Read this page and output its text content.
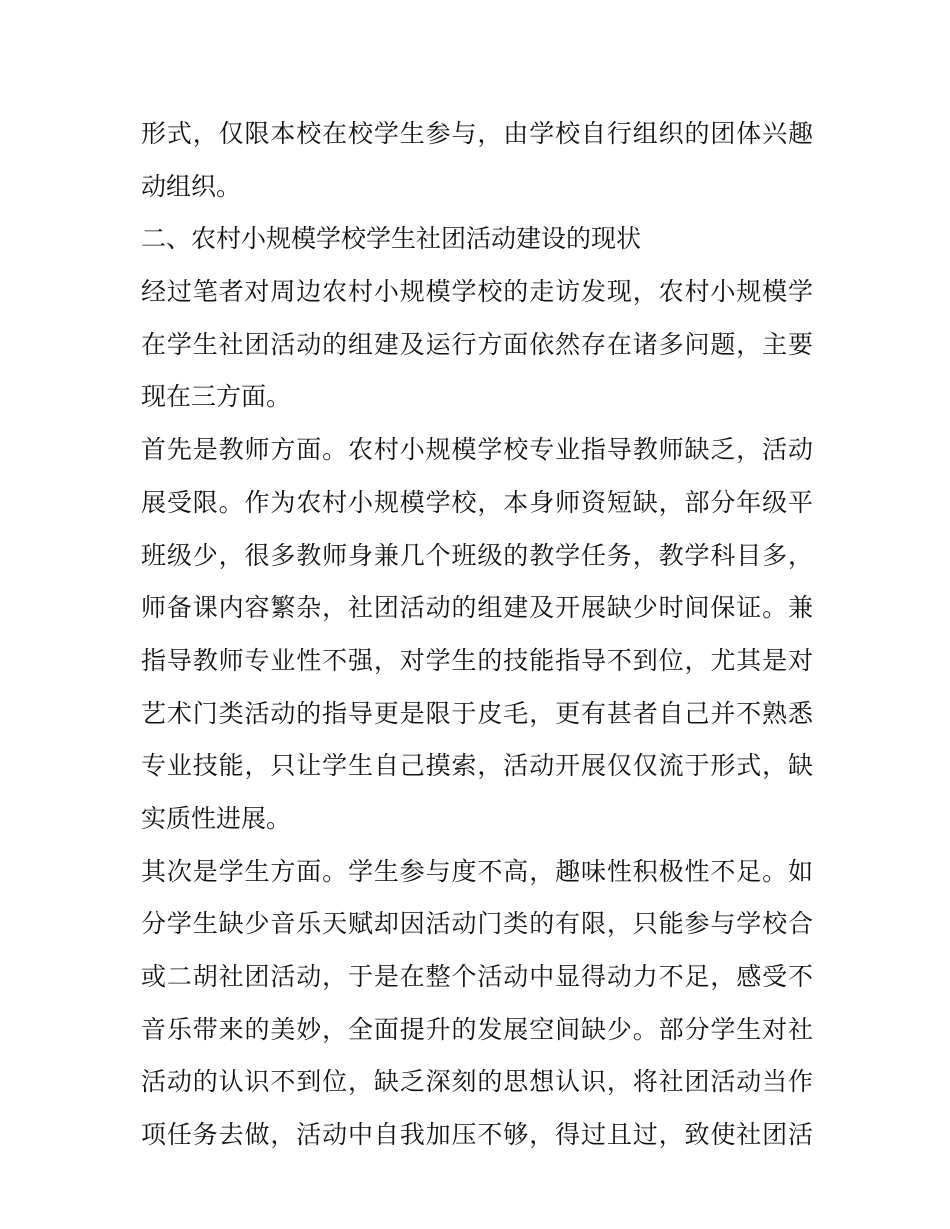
形式，仅限本校在校学生参与，由学校自行组织的团体兴趣
动组织。
二、农村小规模学校学生社团活动建设的现状
经过笔者对周边农村小规模学校的走访发现，农村小规模学
在学生社团活动的组建及运行方面依然存在诸多问题，主要
现在三方面。
首先是教师方面。农村小规模学校专业指导教师缺乏，活动
展受限。作为农村小规模学校，本身师资短缺，部分年级平
班级少，很多教师身兼几个班级的教学任务，教学科目多，
师备课内容繁杂，社团活动的组建及开展缺少时间保证。兼
指导教师专业性不强，对学生的技能指导不到位，尤其是对
艺术门类活动的指导更是限于皮毛，更有甚者自己并不熟悉
专业技能，只让学生自己摸索，活动开展仅仅流于形式，缺
实质性进展。
其次是学生方面。学生参与度不高，趣味性积极性不足。如
分学生缺少音乐天赋却因活动门类的有限，只能参与学校合
或二胡社团活动，于是在整个活动中显得动力不足，感受不
音乐带来的美妙，全面提升的发展空间缺少。部分学生对社
活动的认识不到位，缺乏深刻的思想认识，将社团活动当作
项任务去做，活动中自我加压不够，得过且过，致使社团活
